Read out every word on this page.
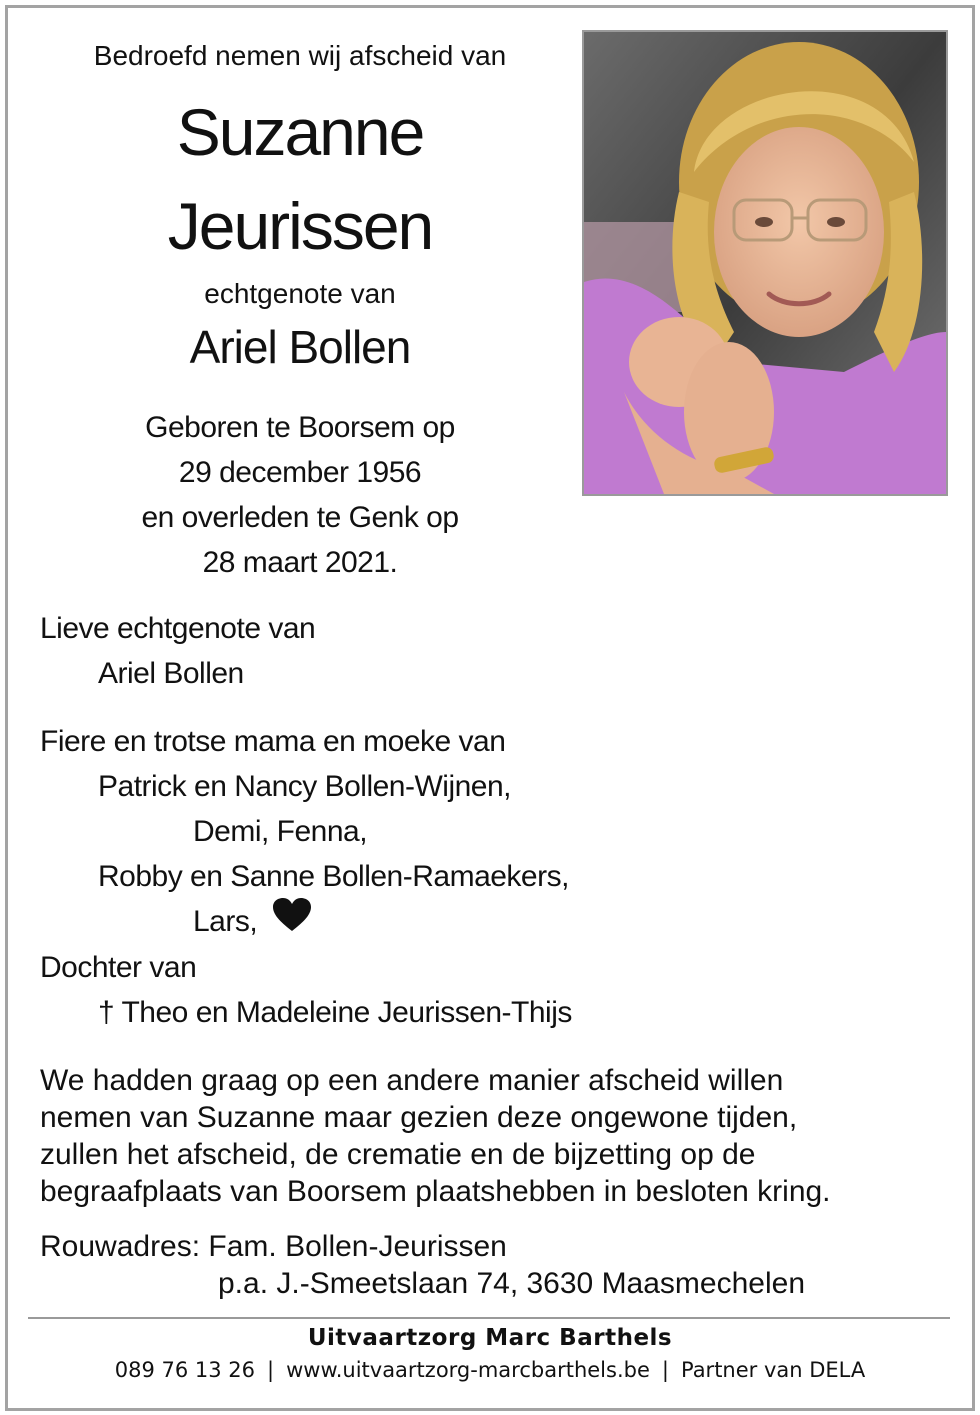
Bedroefd nemen wij afscheid van
Suzanne
Jeurissen
echtgenote van
Ariel Bollen
Geboren te Boorsem op
29 december 1956
en overleden te Genk op
28 maart 2021.
Lieve echtgenote van
Ariel Bollen
Fiere en trotse mama en moeke van
Patrick en Nancy Bollen-Wijnen,
Demi, Fenna,
Robby en Sanne Bollen-Ramaekers,
Lars,
Dochter van
† Theo en Madeleine Jeurissen-Thijs
We hadden graag op een andere manier afscheid willen
nemen van Suzanne maar gezien deze ongewone tijden,
zullen het afscheid, de crematie en de bijzetting op de
begraafplaats van Boorsem plaatshebben in besloten kring.
Rouwadres: Fam. Bollen-Jeurissen
p.a. J.-Smeetslaan 74, 3630 Maasmechelen
Uitvaartzorg Marc Barthels
089 76 13 26 | www.uitvaartzorg-marcbarthels.be | Partner van DELA
